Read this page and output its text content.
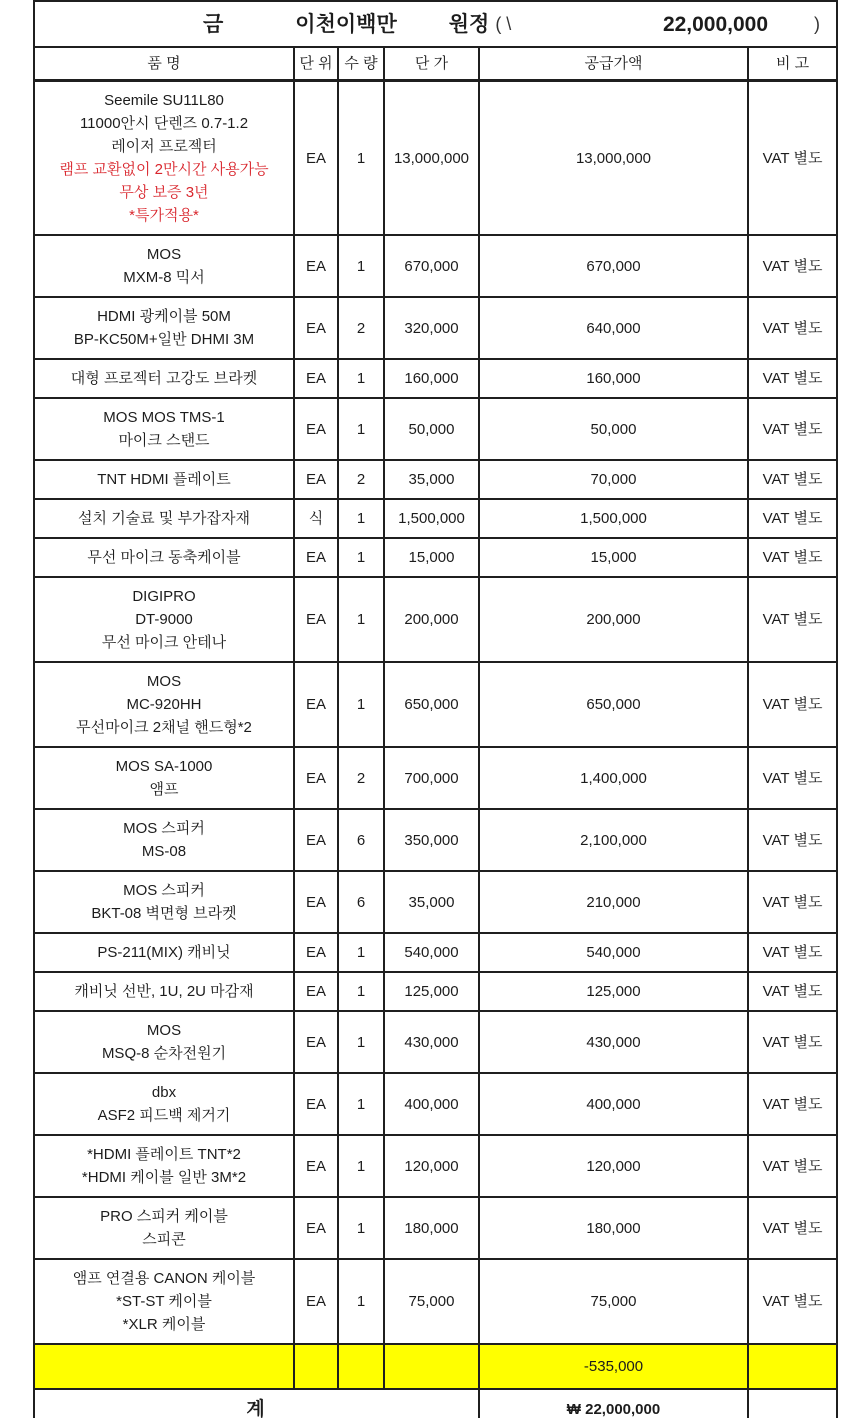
금	이천이백만 원정 ( \	22,000,000	)

품 명	단 위	수 량	단 가	공급가액	비 고

Seemile SU11L80
11000안시 단렌즈 0.7-1.2
레이저 프로젝터
램프 교환없이 2만시간 사용가능
무상 보증 3년
*특가적용*
	EA	1	13,000,000	13,000,000	VAT 별도

MOS
MXM-8 믹서	EA	1	670,000	670,000	VAT 별도

HDMI 광케이블 50M
BP-KC50M+일반 DHMI 3M	EA	2	320,000	640,000	VAT 별도

대형 프로젝터 고강도 브라켓	EA	1	160,000	160,000	VAT 별도

MOS MOS TMS-1
마이크 스탠드	EA	1	50,000	50,000	VAT 별도

TNT HDMI 플레이트	EA	2	35,000	70,000	VAT 별도

설치 기술료 및 부가잡자재	식	1	1,500,000	1,500,000	VAT 별도

무선 마이크 동축케이블	EA	1	15,000	15,000	VAT 별도

DIGIPRO
DT-9000
무선 마이크 안테나	EA	1	200,000	200,000	VAT 별도

MOS
MC-920HH
무선마이크 2채널 핸드형*2	EA	1	650,000	650,000	VAT 별도

MOS SA-1000
앰프	EA	2	700,000	1,400,000	VAT 별도

MOS 스피커
MS-08	EA	6	350,000	2,100,000	VAT 별도

MOS 스피커
BKT-08 벽면형 브라켓	EA	6	35,000	210,000	VAT 별도

PS-211(MIX) 캐비닛	EA	1	540,000	540,000	VAT 별도

캐비닛 선반, 1U, 2U 마감재	EA	1	125,000	125,000	VAT 별도

MOS
MSQ-8 순차전원기	EA	1	430,000	430,000	VAT 별도

dbx
ASF2 피드백 제거기	EA	1	400,000	400,000	VAT 별도

*HDMI 플레이트 TNT*2
*HDMI 케이블 일반 3M*2	EA	1	120,000	120,000	VAT 별도

PRO 스피커 케이블
스피콘	EA	1	180,000	180,000	VAT 별도

앰프 연결용 CANON 케이블
*ST-ST 케이블
*XLR 케이블	EA	1	75,000	75,000	VAT 별도
				-535,000	
계				₩ 22,000,000	
